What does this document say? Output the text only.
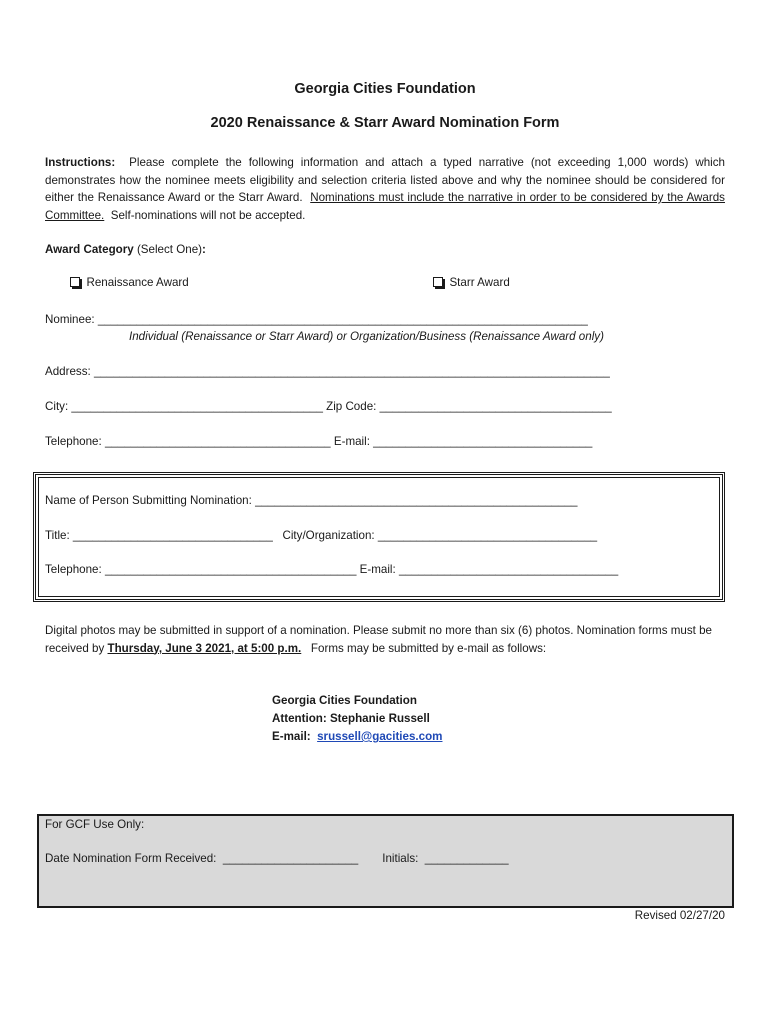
Georgia Cities Foundation
2020 Renaissance & Starr Award Nomination Form
Instructions: Please complete the following information and attach a typed narrative (not exceeding 1,000 words) which demonstrates how the nominee meets eligibility and selection criteria listed above and why the nominee should be considered for either the Renaissance Award or the Starr Award. Nominations must include the narrative in order to be considered by the Awards Committee. Self-nominations will not be accepted.
Award Category (Select One):
Renaissance Award	Starr Award
Nominee: ____________________________________________________________________________
Individual (Renaissance or Starr Award) or Organization/Business (Renaissance Award only)
Address: ________________________________________________________________________________
City: _______________________________________ Zip Code: ____________________________________
Telephone: ___________________________________ E-mail: __________________________________
Name of Person Submitting Nomination: __________________________________________________
Title: _______________________________ City/Organization: __________________________________
Telephone: _______________________________________ E-mail: __________________________________
Digital photos may be submitted in support of a nomination. Please submit no more than six (6) photos. Nomination forms must be received by Thursday, June 3 2021, at 5:00 p.m.   Forms may be submitted by e-mail as follows:
Georgia Cities Foundation
Attention: Stephanie Russell
E-mail:  srussell@gacities.com
For GCF Use Only:
Date Nomination Form Received:  _____________________ Initials:  _____________
Revised 02/27/20
